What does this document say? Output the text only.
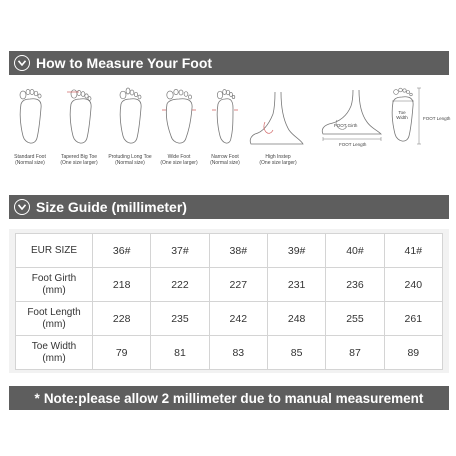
How to Measure Your Foot
Standard Foot
(Normal size)
Tapered Big Toe
(One size larger)
Protuding Long Toe
(Normal size)
Wide Foot
(One size larger)
Narrow Foot
(Normal size)
High Instep
(One size larger)
FOOT Girth
FOOT Length
Toe Width	FOOT Length
Size Guide (millimeter)
EUR SIZE	36#	37#	38#	39#	40#	41#

Foot Girth
(mm)	218	222	227	231	236	240

Foot Length
(mm)	228	235	242	248	255	261

Toe Width
(mm)	79	81	83	85	87	89
* Note:please allow 2 millimeter due to manual measurement
